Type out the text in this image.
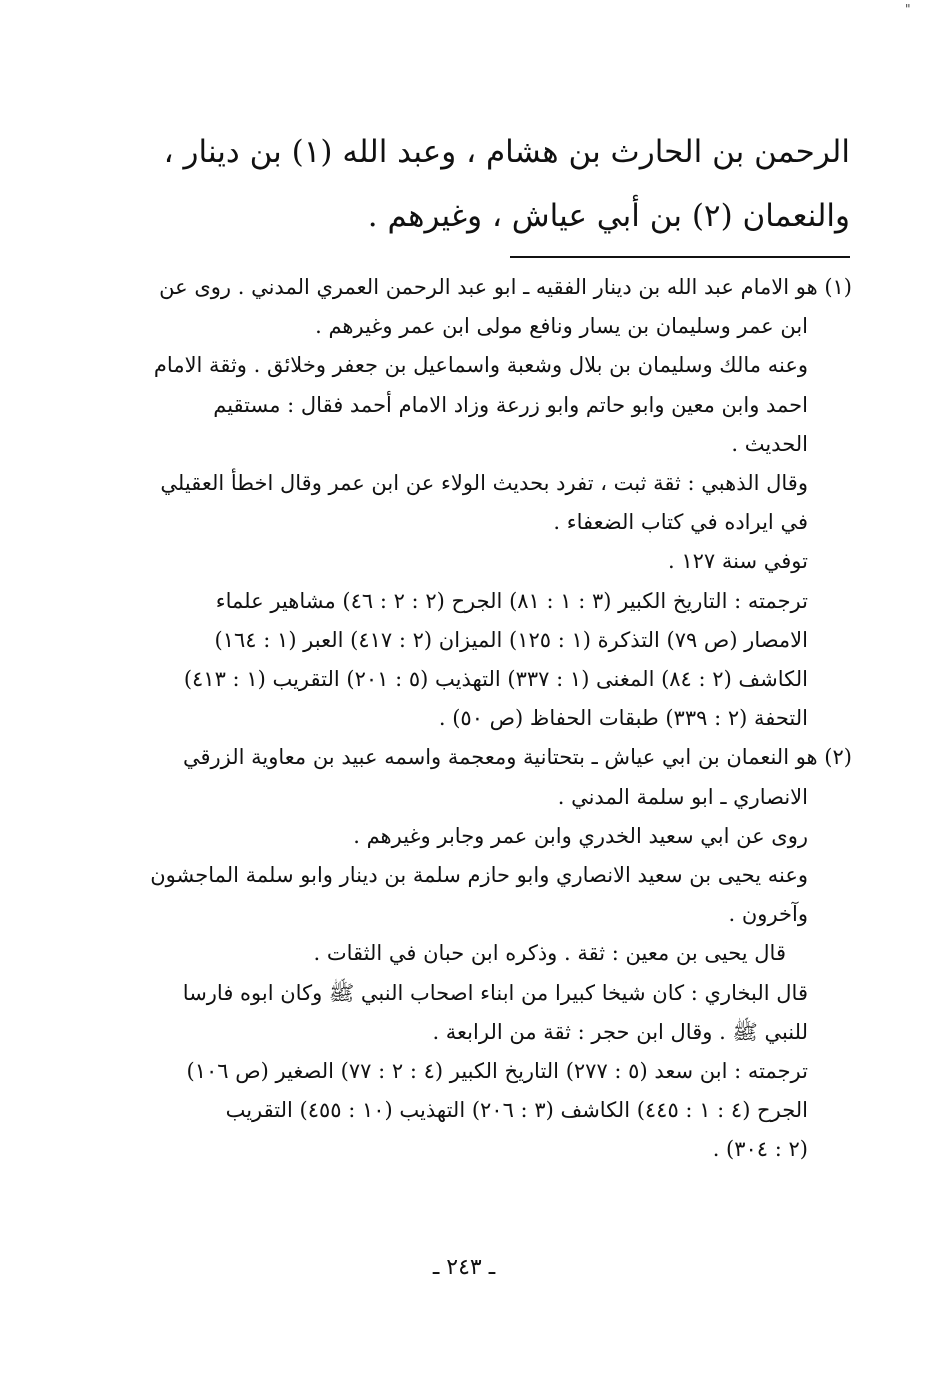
"
الرحمن بن الحارث بن هشام ، وعبد الله (١) بن دينار ،
والنعمان (٢) بن أبي عياش ، وغيرهم .
(١) هو الامام عبد الله بن دينار الفقيه ـ ابو عبد الرحمن العمري المدني . روى عن
ابن عمر وسليمان بن يسار ونافع مولى ابن عمر وغيرهم .
وعنه مالك وسليمان بن بلال وشعبة واسماعيل بن جعفر وخلائق . وثقة الامام
احمد وابن معين وابو حاتم وابو زرعة وزاد الامام أحمد فقال : مستقيم
الحديث .
وقال الذهبي : ثقة ثبت ، تفرد بحديث الولاء عن ابن عمر وقال اخطأ العقيلي
في ايراده في كتاب الضعفاء .
توفي سنة ١٢٧ .
ترجمته : التاريخ الكبير (٣ : ١ : ٨١) الجرح (٢ : ٢ : ٤٦) مشاهير علماء
الامصار (ص ٧٩) التذكرة (١ : ١٢٥) الميزان (٢ : ٤١٧) العبر (١ : ١٦٤)
الكاشف (٢ : ٨٤) المغنى (١ : ٣٣٧) التهذيب (٥ : ٢٠١) التقريب (١ : ٤١٣)
التحفة (٢ : ٣٣٩) طبقات الحفاظ (ص ٥٠) .
(٢) هو النعمان بن ابي عياش ـ بتحتانية ومعجمة واسمه عبيد بن معاوية الزرقي
الانصاري ـ ابو سلمة المدني .
روى عن ابي سعيد الخدري وابن عمر وجابر وغيرهم .
وعنه يحيى بن سعيد الانصاري وابو حازم سلمة بن دينار وابو سلمة الماجشون
وآخرون .
قال يحيى بن معين : ثقة . وذكره ابن حبان في الثقات .
قال البخاري : كان شيخا كبيرا من ابناء اصحاب النبي ﷺ وكان ابوه فارسا
للنبي ﷺ . وقال ابن حجر : ثقة من الرابعة .
ترجمته : ابن سعد (٥ : ٢٧٧) التاريخ الكبير (٤ : ٢ : ٧٧) الصغير (ص ١٠٦)
الجرح (٤ : ١ : ٤٤٥) الكاشف (٣ : ٢٠٦) التهذيب (١٠ : ٤٥٥) التقريب
(٢ : ٣٠٤) .
ـ ٢٤٣ ـ
